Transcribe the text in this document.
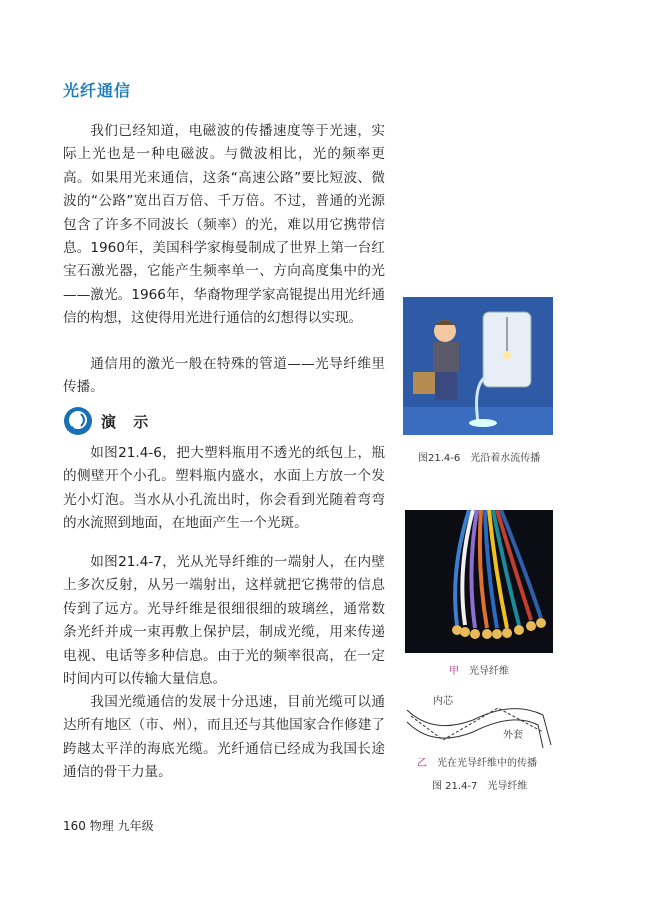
光纤通信

我们已经知道，电磁波的传播速度等于光速，实际上光也是一种电磁波。与微波相比，光的频率更高。如果用光来通信，这条“高速公路”要比短波、微波的“公路”宽出百万倍、千万倍。不过，普通的光源包含了许多不同波长（频率）的光，难以用它携带信息。1960年，美国科学家梅曼制成了世界上第一台红宝石激光器，它能产生频率单一、方向高度集中的光——激光。1966年，华裔物理学家高锟提出用光纤通信的构想，这使得用光进行通信的幻想得以实现。

通信用的激光一般在特殊的管道——光导纤维里传播。

演 示

如图21.4-6，把大塑料瓶用不透光的纸包上，瓶的侧壁开个小孔。塑料瓶内盛水，水面上方放一个发光小灯泡。当水从小孔流出时，你会看到光随着弯弯的水流照到地面，在地面产生一个光斑。

如图21.4-7，光从光导纤维的一端射人，在内壁上多次反射，从另一端射出，这样就把它携带的信息传到了远方。光导纤维是很细很细的玻璃丝，通常数条光纤并成一束再敷上保护层，制成光缆，用来传递电视、电话等多种信息。由于光的频率很高，在一定时间内可以传输大量信息。

我国光缆通信的发展十分迅速，目前光缆可以通达所有地区（市、州），而且还与其他国家合作修建了跨越太平洋的海底光缆。光纤通信已经成为我国长途通信的骨干力量。

图21.4-6　光沿着水流传播
甲 光导纤维
内芯
外套
乙 光在光导纤维中的传播
图 21.4-7　光导纤维
160 物理 九年级
